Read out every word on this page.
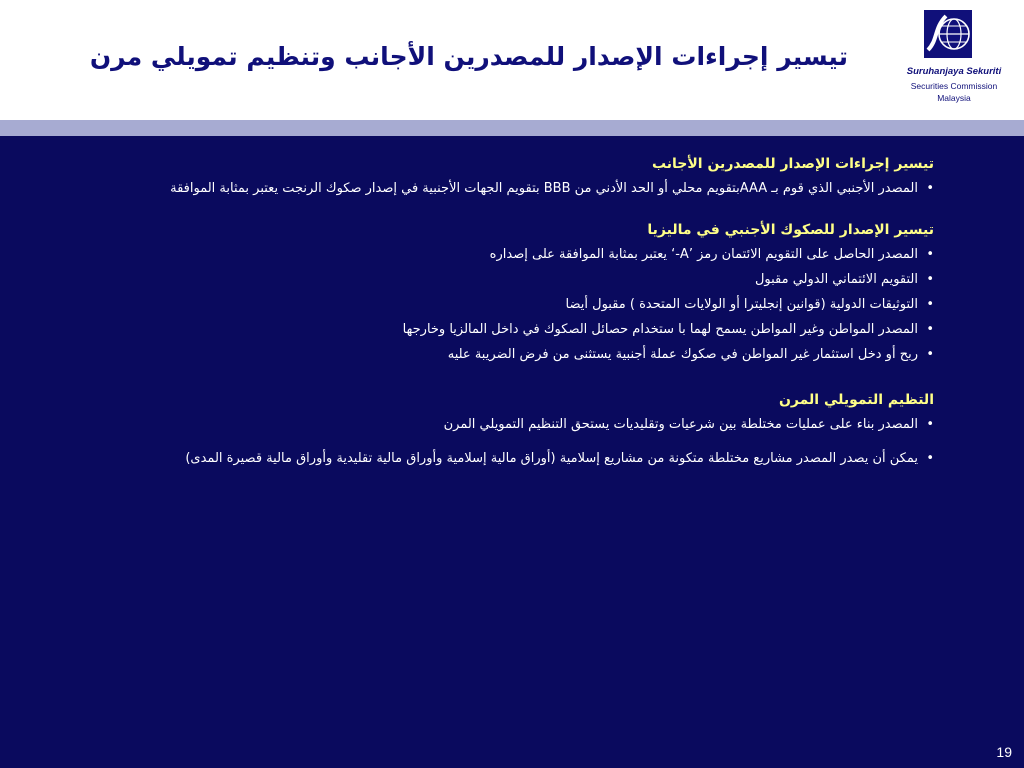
تيسير إجراءات الإصدار للمصدرين الأجانب وتنظيم تمويلي مرن
Suruhanjaya Sekuriti
Securities Commission
Malaysia
تيسير إجراءات الإصدار للمصدرين الأجانب
• المصدر الأجنبي الذي قوم بـ AAAبتقويم محلي أو الحد الأدني من BBB بتقويم الجهات الأجنبية في إصدار صكوك الرنجت يعتبر بمثابة الموافقة
تيسير الإصدار للصكوك الأجنبي في ماليزيا
• المصدر الحاصل على التقويم الائتمان رمز ’A-‘ يعتبر بمثابة الموافقة على إصداره
• التقويم الائتماني الدولي مقبول
• التوثيقات الدولية (قوانين إنجليترا أو الولايات المتحدة ) مقبول أيضا
• المصدر المواطن وغير المواطن يسمح لهما با ستخدام حصائل الصكوك في داخل المالزيا وخارجها
• ربح أو دخل استثمار غير المواطن في صكوك عملة أجنبية يستثنى من فرض الضريبة عليه
التظيم التمويلي المرن
• المصدر بناء على عمليات مختلطة بين شرعيات وتقليديات يستحق التنظيم التمويلي المرن
• يمكن أن يصدر المصدر مشاريع مختلطة متكونة من مشاريع إسلامية (أوراق مالية إسلامية وأوراق مالية تقليدية وأوراق مالية قصيرة المدى)
19
